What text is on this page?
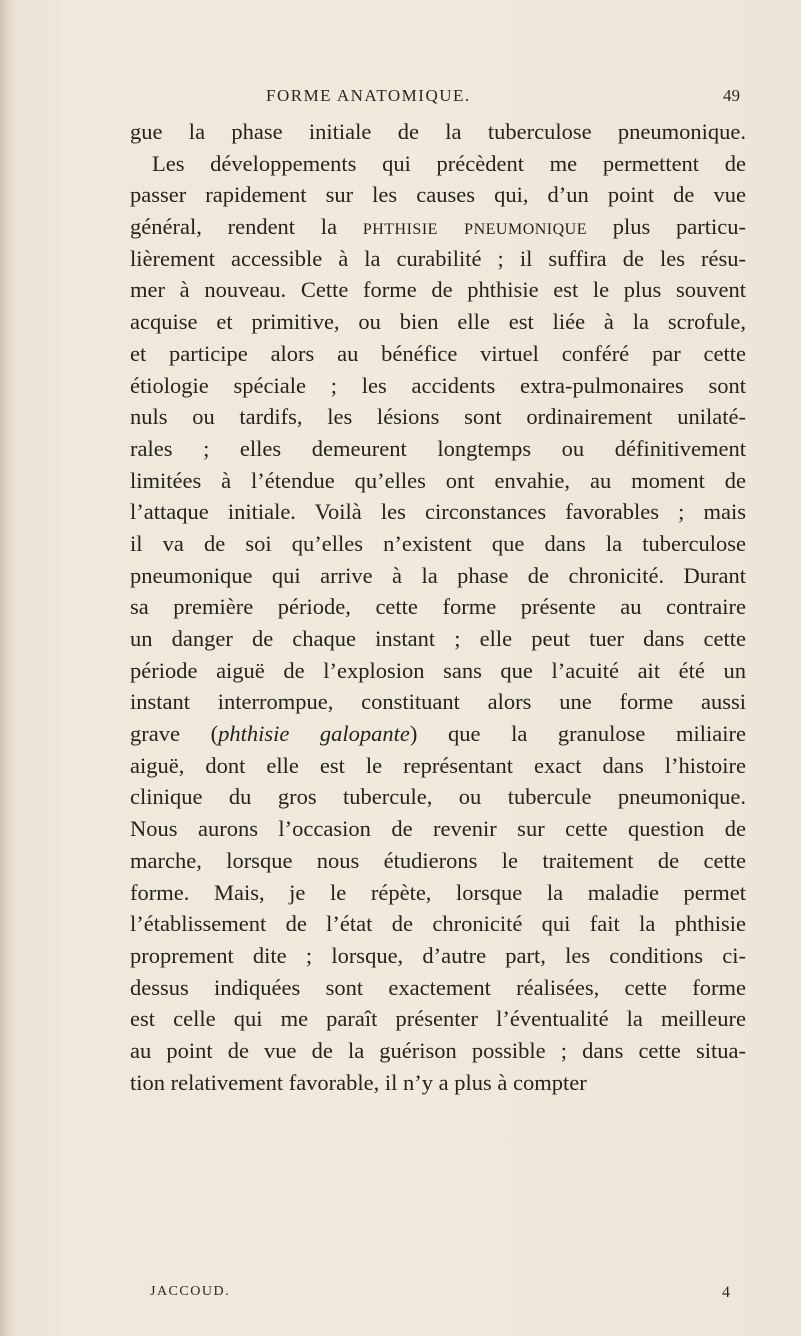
FORME ANATOMIQUE.	49
gue la phase initiale de la tuberculose pneumonique.
Les développements qui précèdent me permettent de
passer rapidement sur les causes qui, d’un point de vue
général, rendent la phthisie pneumonique plus particu-
lièrement accessible à la curabilité ; il suffira de les résu-
mer à nouveau. Cette forme de phthisie est le plus souvent
acquise et primitive, ou bien elle est liée à la scrofule,
et participe alors au bénéfice virtuel conféré par cette
étiologie spéciale ; les accidents extra-pulmonaires sont
nuls ou tardifs, les lésions sont ordinairement unilaté-
rales ; elles demeurent longtemps ou définitivement
limitées à l’étendue qu’elles ont envahie, au moment de
l’attaque initiale. Voilà les circonstances favorables ; mais
il va de soi qu’elles n’existent que dans la tuberculose
pneumonique qui arrive à la phase de chronicité. Durant
sa première période, cette forme présente au contraire
un danger de chaque instant ; elle peut tuer dans cette
période aiguë de l’explosion sans que l’acuité ait été un
instant interrompue, constituant alors une forme aussi
grave (phthisie galopante) que la granulose miliaire
aiguë, dont elle est le représentant exact dans l’histoire
clinique du gros tubercule, ou tubercule pneumonique.
Nous aurons l’occasion de revenir sur cette question de
marche, lorsque nous étudierons le traitement de cette
forme. Mais, je le répète, lorsque la maladie permet
l’établissement de l’état de chronicité qui fait la phthisie
proprement dite ; lorsque, d’autre part, les conditions ci-
dessus indiquées sont exactement réalisées, cette forme
est celle qui me paraît présenter l’éventualité la meilleure
au point de vue de la guérison possible ; dans cette situa-
tion relativement favorable, il n’y a plus à compter
JACCOUD.	4
